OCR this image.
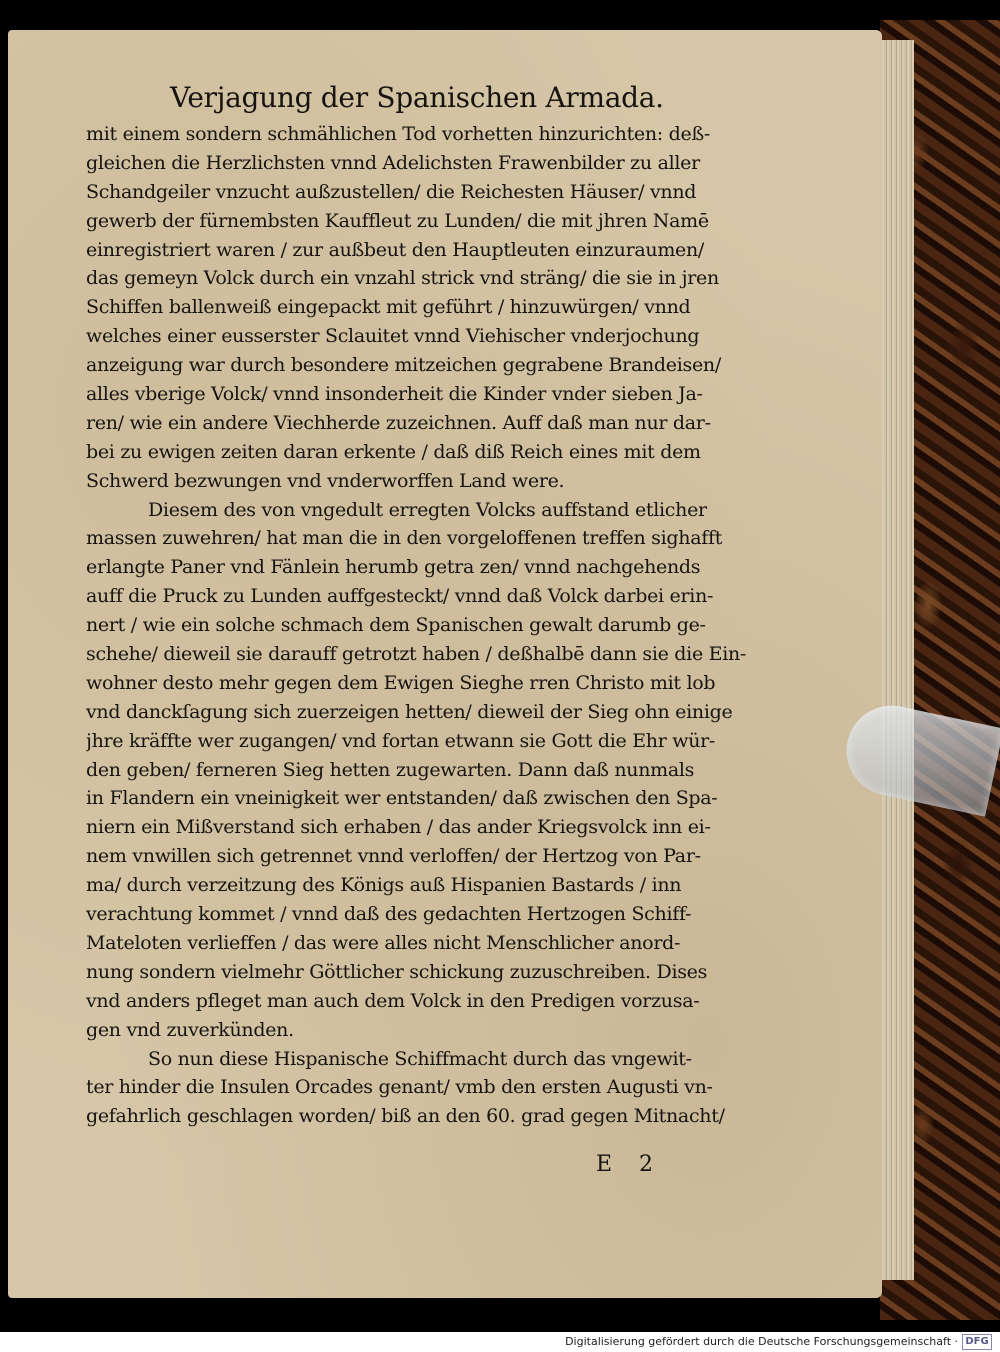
Verjagung der Spanischen Armada.
mit einem sondern schmählichen Tod vorhetten hinzurichten: deß-
gleichen die Herzlichsten vnnd Adelichsten Frawenbilder zu aller
Schandgeiler vnzucht außzustellen/ die Reichesten Häuser/ vnnd
gewerb der fürnembsten Kauffleut zu Lunden/ die mit jhren Namē
einregistriert waren / zur außbeut den Hauptleuten einzuraumen/
das gemeyn Volck durch ein vnzahl strick vnd sträng/ die sie in jren
Schiffen ballenweiß eingepackt mit geführt / hinzuwürgen/ vnnd
welches einer eusserster Sclauitet vnnd Viehischer vnderjochung
anzeigung war durch besondere mitzeichen gegrabene Brandeisen/
alles vberige Volck/ vnnd insonderheit die Kinder vnder sieben Ja-
ren/ wie ein andere Viechherde zuzeichnen. Auff daß man nur dar-
bei zu ewigen zeiten daran erkente / daß diß Reich eines mit dem
Schwerd bezwungen vnd vnderworffen Land were.
Diesem des von vngedult erregten Volcks auffstand etlicher
massen zuwehren/ hat man die in den vorgeloffenen treffen sighafft
erlangte Paner vnd Fänlein herumb getra zen/ vnnd nachgehends
auff die Pruck zu Lunden auffgesteckt/ vnnd daß Volck darbei erin-
nert / wie ein solche schmach dem Spanischen gewalt darumb ge-
schehe/ dieweil sie darauff getrotzt haben / deßhalbē dann sie die Ein-
wohner desto mehr gegen dem Ewigen Sieghe rren Christo mit lob
vnd danckſagung sich zuerzeigen hetten/ dieweil der Sieg ohn einige
jhre kräffte wer zugangen/ vnd fortan etwann sie Gott die Ehr wür-
den geben/ ferneren Sieg hetten zugewarten. Dann daß nunmals
in Flandern ein vneinigkeit wer entstanden/ daß zwischen den Spa-
niern ein Mißverstand sich erhaben / das ander Kriegsvolck inn ei-
nem vnwillen sich getrennet vnnd verloffen/ der Hertzog von Par-
ma/ durch verzeitzung des Königs auß Hispanien Bastards / inn
verachtung kommet / vnnd daß des gedachten Hertzogen Schiff-
Mateloten verlieffen / das were alles nicht Menschlicher anord-
nung sondern vielmehr Göttlicher schickung zuzuschreiben. Dises
vnd anders pfleget man auch dem Volck in den Predigen vorzusa-
gen vnd zuverkünden.
So nun diese Hispanische Schiffmacht durch das vngewit-
ter hinder die Insulen Orcades genant/ vmb den ersten Augusti vn-
gefahrlich geschlagen worden/ biß an den 60. grad gegen Mitnacht/
E 2
Digitalisierung gefördert durch die Deutsche Forschungsgemeinschaft · DFG
